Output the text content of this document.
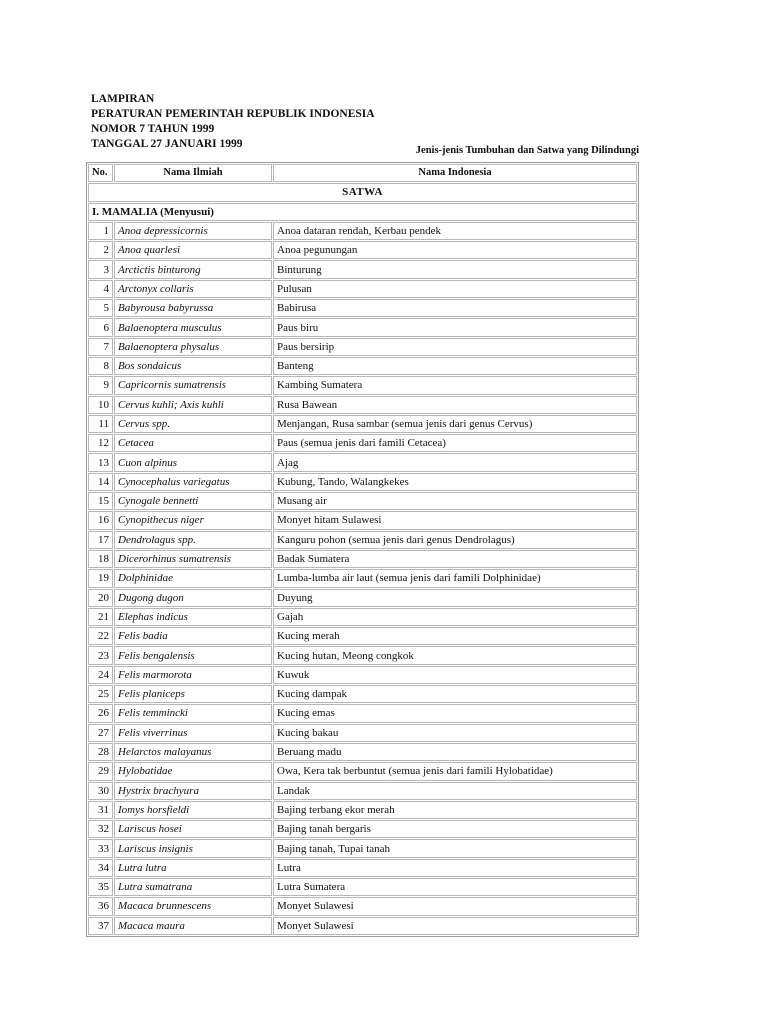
LAMPIRAN
PERATURAN PEMERINTAH REPUBLIK INDONESIA
NOMOR 7 TAHUN 1999
TANGGAL 27 JANUARI 1999
Jenis-jenis Tumbuhan dan Satwa yang Dilindungi
No.	Nama Ilmiah	Nama Indonesia
SATWA		
I. MAMALIA (Menyusui)		
1	Anoa depressicornis	Anoa dataran rendah, Kerbau pendek
2	Anoa quarlesi	Anoa pegunungan
3	Arctictis binturong	Binturung
4	Arctonyx collaris	Pulusan
5	Babyrousa babyrussa	Babirusa
6	Balaenoptera musculus	Paus biru
7	Balaenoptera physalus	Paus bersirip
8	Bos sondaicus	Banteng
9	Capricornis sumatrensis	Kambing Sumatera
10	Cervus kuhli; Axis kuhli	Rusa Bawean
11	Cervus spp.	Menjangan, Rusa sambar (semua jenis dari genus Cervus)
12	Cetacea	Paus (semua jenis dari famili Cetacea)
13	Cuon alpinus	Ajag
14	Cynocephalus variegatus	Kubung, Tando, Walangkekes
15	Cynogale bennetti	Musang air
16	Cynopithecus niger	Monyet hitam Sulawesi
17	Dendrolagus spp.	Kanguru pohon (semua jenis dari genus Dendrolagus)
18	Dicerorhinus sumatrensis	Badak Sumatera
19	Dolphinidae	Lumba-lumba air laut (semua jenis dari famili Dolphinidae)
20	Dugong dugon	Duyung
21	Elephas indicus	Gajah
22	Felis badia	Kucing merah
23	Felis bengalensis	Kucing hutan, Meong congkok
24	Felis marmorota	Kuwuk
25	Felis planiceps	Kucing dampak
26	Felis temmincki	Kucing emas
27	Felis viverrinus	Kucing bakau
28	Helarctos malayanus	Beruang madu
29	Hylobatidae	Owa, Kera tak berbuntut (semua jenis dari famili Hylobatidae)
30	Hystrix brachyura	Landak
31	Iomys horsfieldi	Bajing terbang ekor merah
32	Lariscus hosei	Bajing tanah bergaris
33	Lariscus insignis	Bajing tanah, Tupai tanah
34	Lutra lutra	Lutra
35	Lutra sumatrana	Lutra Sumatera
36	Macaca brunnescens	Monyet Sulawesi
37	Macaca maura	Monyet Sulawesi
